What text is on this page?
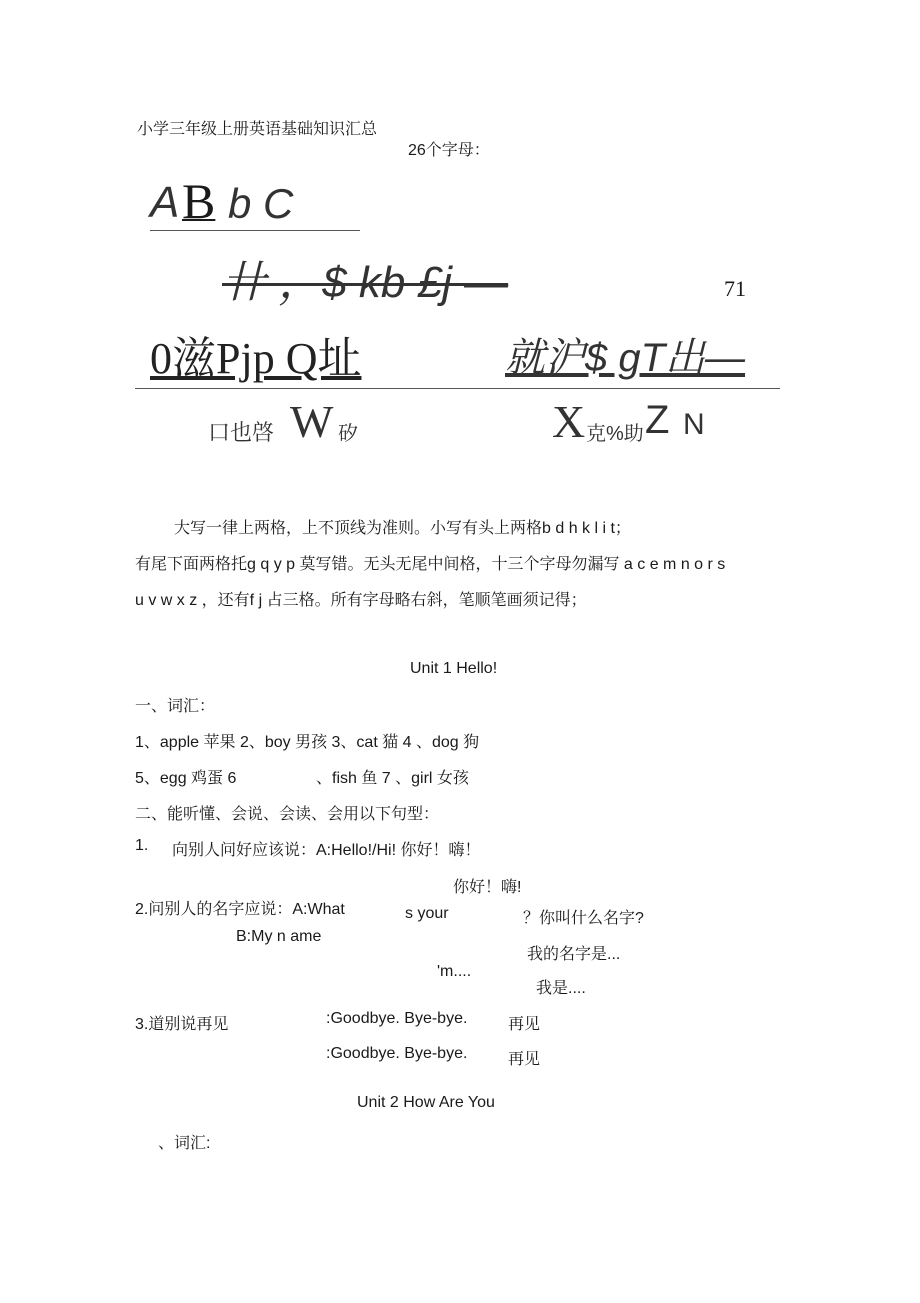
小学三年级上册英语基础知识汇总
26个字母：
A B b C
卄 ，$ kb £j —	71
0滋Pjp Q址	就沪$ gT出—
口也啓 W 矽	X 克%助 Z N
大写一律上两格，上不顶线为准则。小写有头上两格b d h k l i t；
有尾下面两格托g q y p 莫写错。无头无尾中间格，十三个字母勿漏写 a c e m n o r s
u v w x z ，还有f j 占三格。所有字母略右斜，笔顺笔画须记得；
Unit 1 Hello!
一、词汇：
1、apple 苹果 2、boy 男孩 3、cat 猫 4 、dog 狗
5、egg 鸡蛋 6	、fish 鱼 7 、girl 女孩
二、能听懂、会说、会读、会用以下句型：
1. 向别人问好应该说：A:Hello!/Hi! 你好！嗨！
你好！嗨!
2.问别人的名字应说：A:What	s your	？你叫什么名字?
B:My n ame
我的名字是...
'm....
我是....
3.道别说再见	:Goodbye. Bye-bye.	再见
:Goodbye. Bye-bye.	再见
Unit 2 How Are You
、词汇:
